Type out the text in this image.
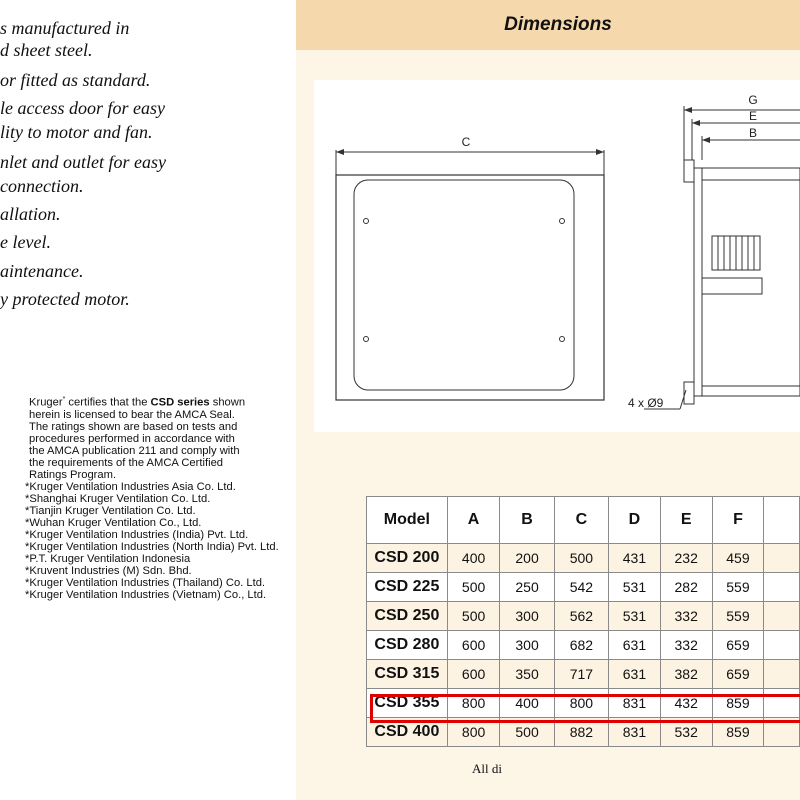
s manufactured in

d sheet steel.

or fitted as standard.

le access door for easy

lity to motor and fan.

nlet and outlet for easy

connection.

allation.

e level.

aintenance.

y protected motor.

Kruger* certifies that the CSD series shown
herein is licensed to bear the AMCA Seal.
The ratings shown are based on tests and
procedures performed in accordance with
the AMCA publication 211 and comply with
the requirements of the AMCA Certified
Ratings Program.
*Kruger Ventilation Industries Asia Co. Ltd.
*Shanghai Kruger Ventilation Co. Ltd.
*Tianjin Kruger Ventilation Co. Ltd.
*Wuhan Kruger Ventilation Co., Ltd.
*Kruger Ventilation Industries (India) Pvt. Ltd.
*Kruger Ventilation Industries (North India) Pvt. Ltd.
*P.T. Kruger Ventilation Indonesia
*Kruvent Industries (M) Sdn. Bhd.
*Kruger Ventilation Industries (Thailand) Co. Ltd.
*Kruger Ventilation Industries (Vietnam) Co., Ltd.
Dimensions
C
G
E
B
4 x Ø9
Model	A	B	C	D	E	F	
CSD 200	400	200	500	431	232	459	
CSD 225	500	250	542	531	282	559	
CSD 250	500	300	562	531	332	559	
CSD 280	600	300	682	631	332	659	
CSD 315	600	350	717	631	382	659	
CSD 355	800	400	800	831	432	859	
CSD 400	800	500	882	831	532	859	
All di
